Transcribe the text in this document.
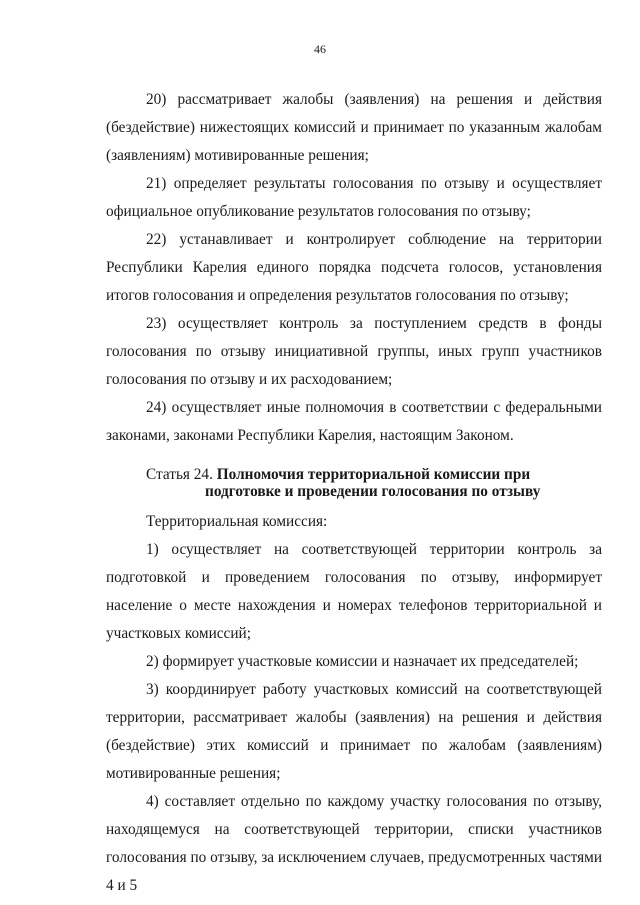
46

20) рассматривает жалобы (заявления) на решения и действия (бездействие) нижестоящих комиссий и принимает по указанным жалобам (заявлениям) мотивированные решения;

21) определяет результаты голосования по отзыву и осуществляет официальное опубликование результатов голосования по отзыву;

22) устанавливает и контролирует соблюдение на территории Республики Карелия единого порядка подсчета голосов, установления итогов голосования и определения результатов голосования по отзыву;

23) осуществляет контроль за поступлением средств в фонды голосования по отзыву инициативной группы, иных групп участников голосования по отзыву и их расходованием;

24) осуществляет иные полномочия в соответствии с федеральными законами, законами Республики Карелия, настоящим Законом.

Статья 24. Полномочия территориальной комиссии при
подготовке и проведении голосования по отзыву

Территориальная комиссия:

1) осуществляет на соответствующей территории контроль за подготовкой и проведением голосования по отзыву, информирует население о месте нахождения и номерах телефонов территориальной и участковых комиссий;

2) формирует участковые комиссии и назначает их председателей;

3) координирует работу участковых комиссий на соответствующей территории, рассматривает жалобы (заявления) на решения и действия (бездействие) этих комиссий и принимает по жалобам (заявлениям) мотивированные решения;

4) составляет отдельно по каждому участку голосования по отзыву, находящемуся на соответствующей территории, списки участников голосования по отзыву, за исключением случаев, предусмотренных частями 4 и 5
